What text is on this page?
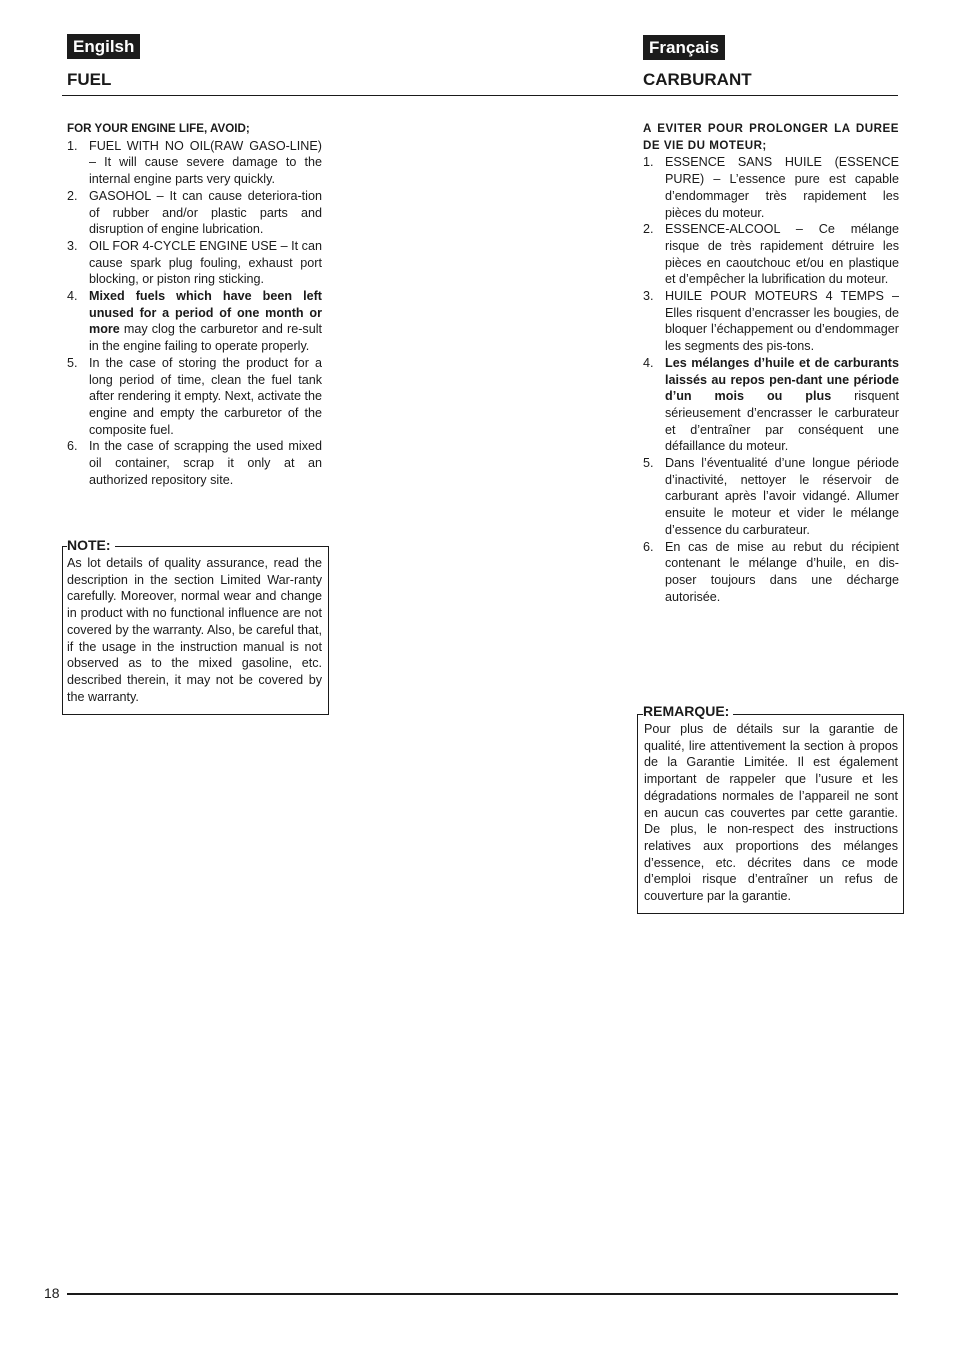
Engilsh	Français
FUEL	CARBURANT

FOR YOUR ENGINE LIFE, AVOID;

1. FUEL WITH NO OIL(RAW GASO-LINE) – It will cause severe damage to the internal engine parts very quickly.
2. GASOHOL – It can cause deteriora-tion of rubber and/or plastic parts and disruption of engine lubrication.
3. OIL FOR 4-CYCLE ENGINE USE – It can cause spark plug fouling, exhaust port blocking, or piston ring sticking.
4. Mixed fuels which have been left unused for a period of one month or more may clog the carburetor and re-sult in the engine failing to operate properly.
5. In the case of storing the product for a long period of time, clean the fuel tank after rendering it empty. Next, activate the engine and empty the carburetor of the composite fuel.
6. In the case of scrapping the used mixed oil container, scrap it only at an authorized repository site.
NOTE:
As lot details of quality assurance, read the description in the section Limited War-ranty carefully. Moreover, normal wear and change in product with no functional influence are not covered by the warranty. Also, be careful that, if the usage in the instruction manual is not observed as to the mixed gasoline, etc. described therein, it may not be covered by the warranty.

A EVITER POUR PROLONGER LA DUREE DE VIE DU MOTEUR;

1. ESSENCE SANS HUILE (ESSENCE PURE) – L’essence pure est capable d’endommager très rapidement les pièces du moteur.
2. ESSENCE-ALCOOL – Ce mélange risque de très rapidement détruire les pièces en caoutchouc et/ou en plastique et d’empêcher la lubrification du moteur.
3. HUILE POUR MOTEURS 4 TEMPS – Elles risquent d’encrasser les bougies, de bloquer l’échappement ou d’endommager les segments des pis-tons.
4. Les mélanges d’huile et de carburants laissés au repos pen-dant une période d’un mois ou plus risquent sérieusement d’encrasser le carburateur et d’entraîner par conséquent une défaillance du moteur.
5. Dans l’éventualité d’une longue période d’inactivité, nettoyer le réservoir de carburant après l’avoir vidangé. Allumer ensuite le moteur et vider le mélange d’essence du carburateur.
6. En cas de mise au rebut du récipient contenant le mélange d’huile, en dis-poser toujours dans une décharge autorisée.
REMARQUE:
Pour plus de détails sur la garantie de qualité, lire attentivement la section à propos de la Garantie Limitée. Il est également important de rappeler que l’usure et les dégradations normales de l’appareil ne sont en aucun cas couvertes par cette garantie. De plus, le non-respect des instructions relatives aux proportions des mélanges d’essence, etc. décrites dans ce mode d’emploi risque d’entraîner un refus de couverture par la garantie.
18
